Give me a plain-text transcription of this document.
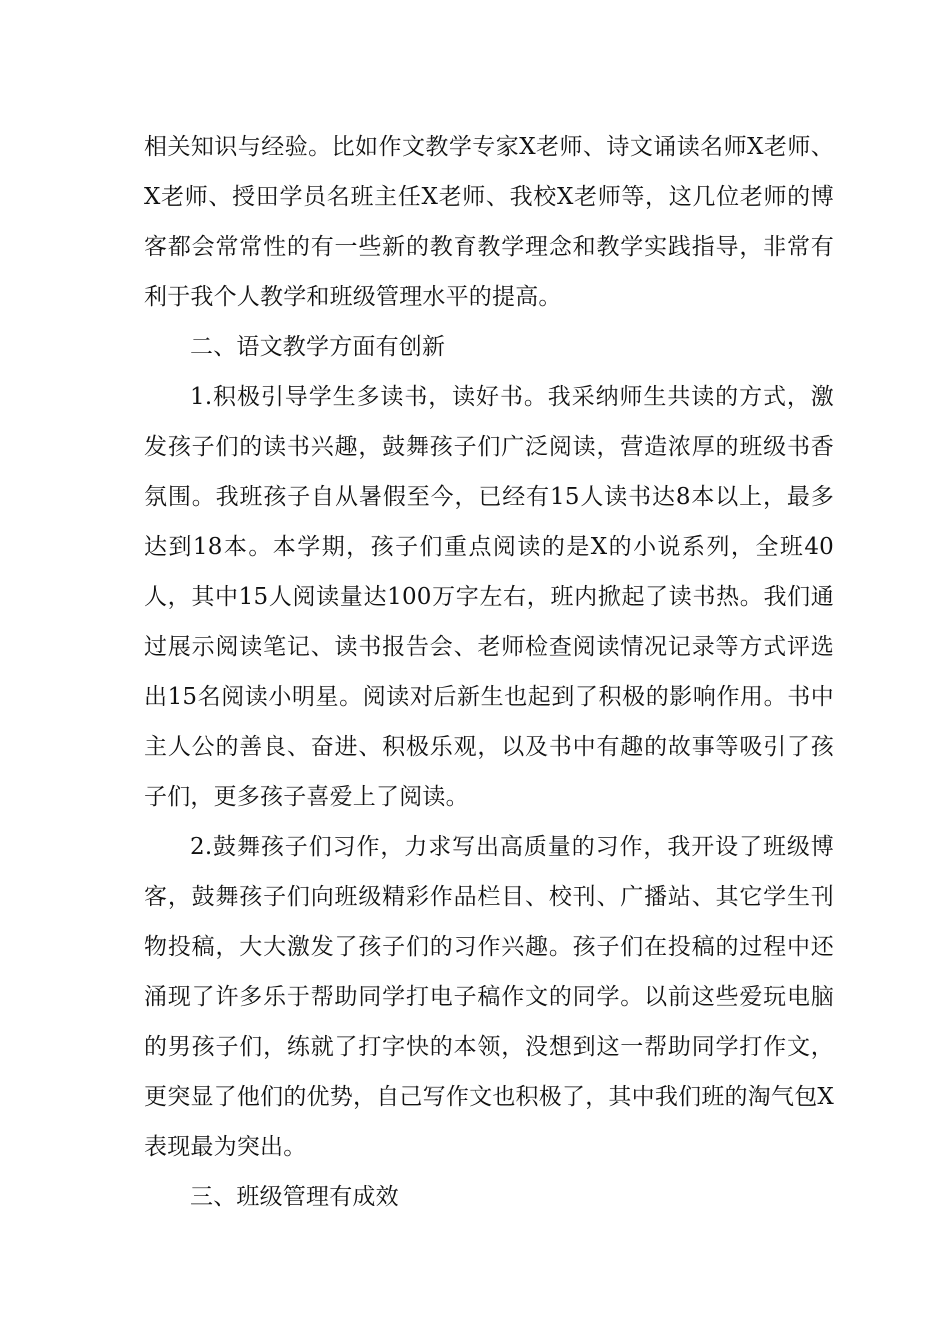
相关知识与经验。比如作文教学专家X老师、诗文诵读名师X老师、X老师、授田学员名班主任X老师、我校X老师等，这几位老师的博客都会常常性的有一些新的教育教学理念和教学实践指导，非常有利于我个人教学和班级管理水平的提高。

二、语文教学方面有创新

1.积极引导学生多读书，读好书。我采纳师生共读的方式，激发孩子们的读书兴趣，鼓舞孩子们广泛阅读，营造浓厚的班级书香氛围。我班孩子自从暑假至今，已经有15人读书达8本以上，最多达到18本。本学期，孩子们重点阅读的是X的小说系列，全班40人，其中15人阅读量达100万字左右，班内掀起了读书热。我们通过展示阅读笔记、读书报告会、老师检查阅读情况记录等方式评选出15名阅读小明星。阅读对后新生也起到了积极的影响作用。书中主人公的善良、奋进、积极乐观，以及书中有趣的故事等吸引了孩子们，更多孩子喜爱上了阅读。

2.鼓舞孩子们习作，力求写出高质量的习作，我开设了班级博客，鼓舞孩子们向班级精彩作品栏目、校刊、广播站、其它学生刊物投稿，大大激发了孩子们的习作兴趣。孩子们在投稿的过程中还涌现了许多乐于帮助同学打电子稿作文的同学。以前这些爱玩电脑的男孩子们，练就了打字快的本领，没想到这一帮助同学打作文，更突显了他们的优势，自己写作文也积极了，其中我们班的淘气包X表现最为突出。

三、班级管理有成效
